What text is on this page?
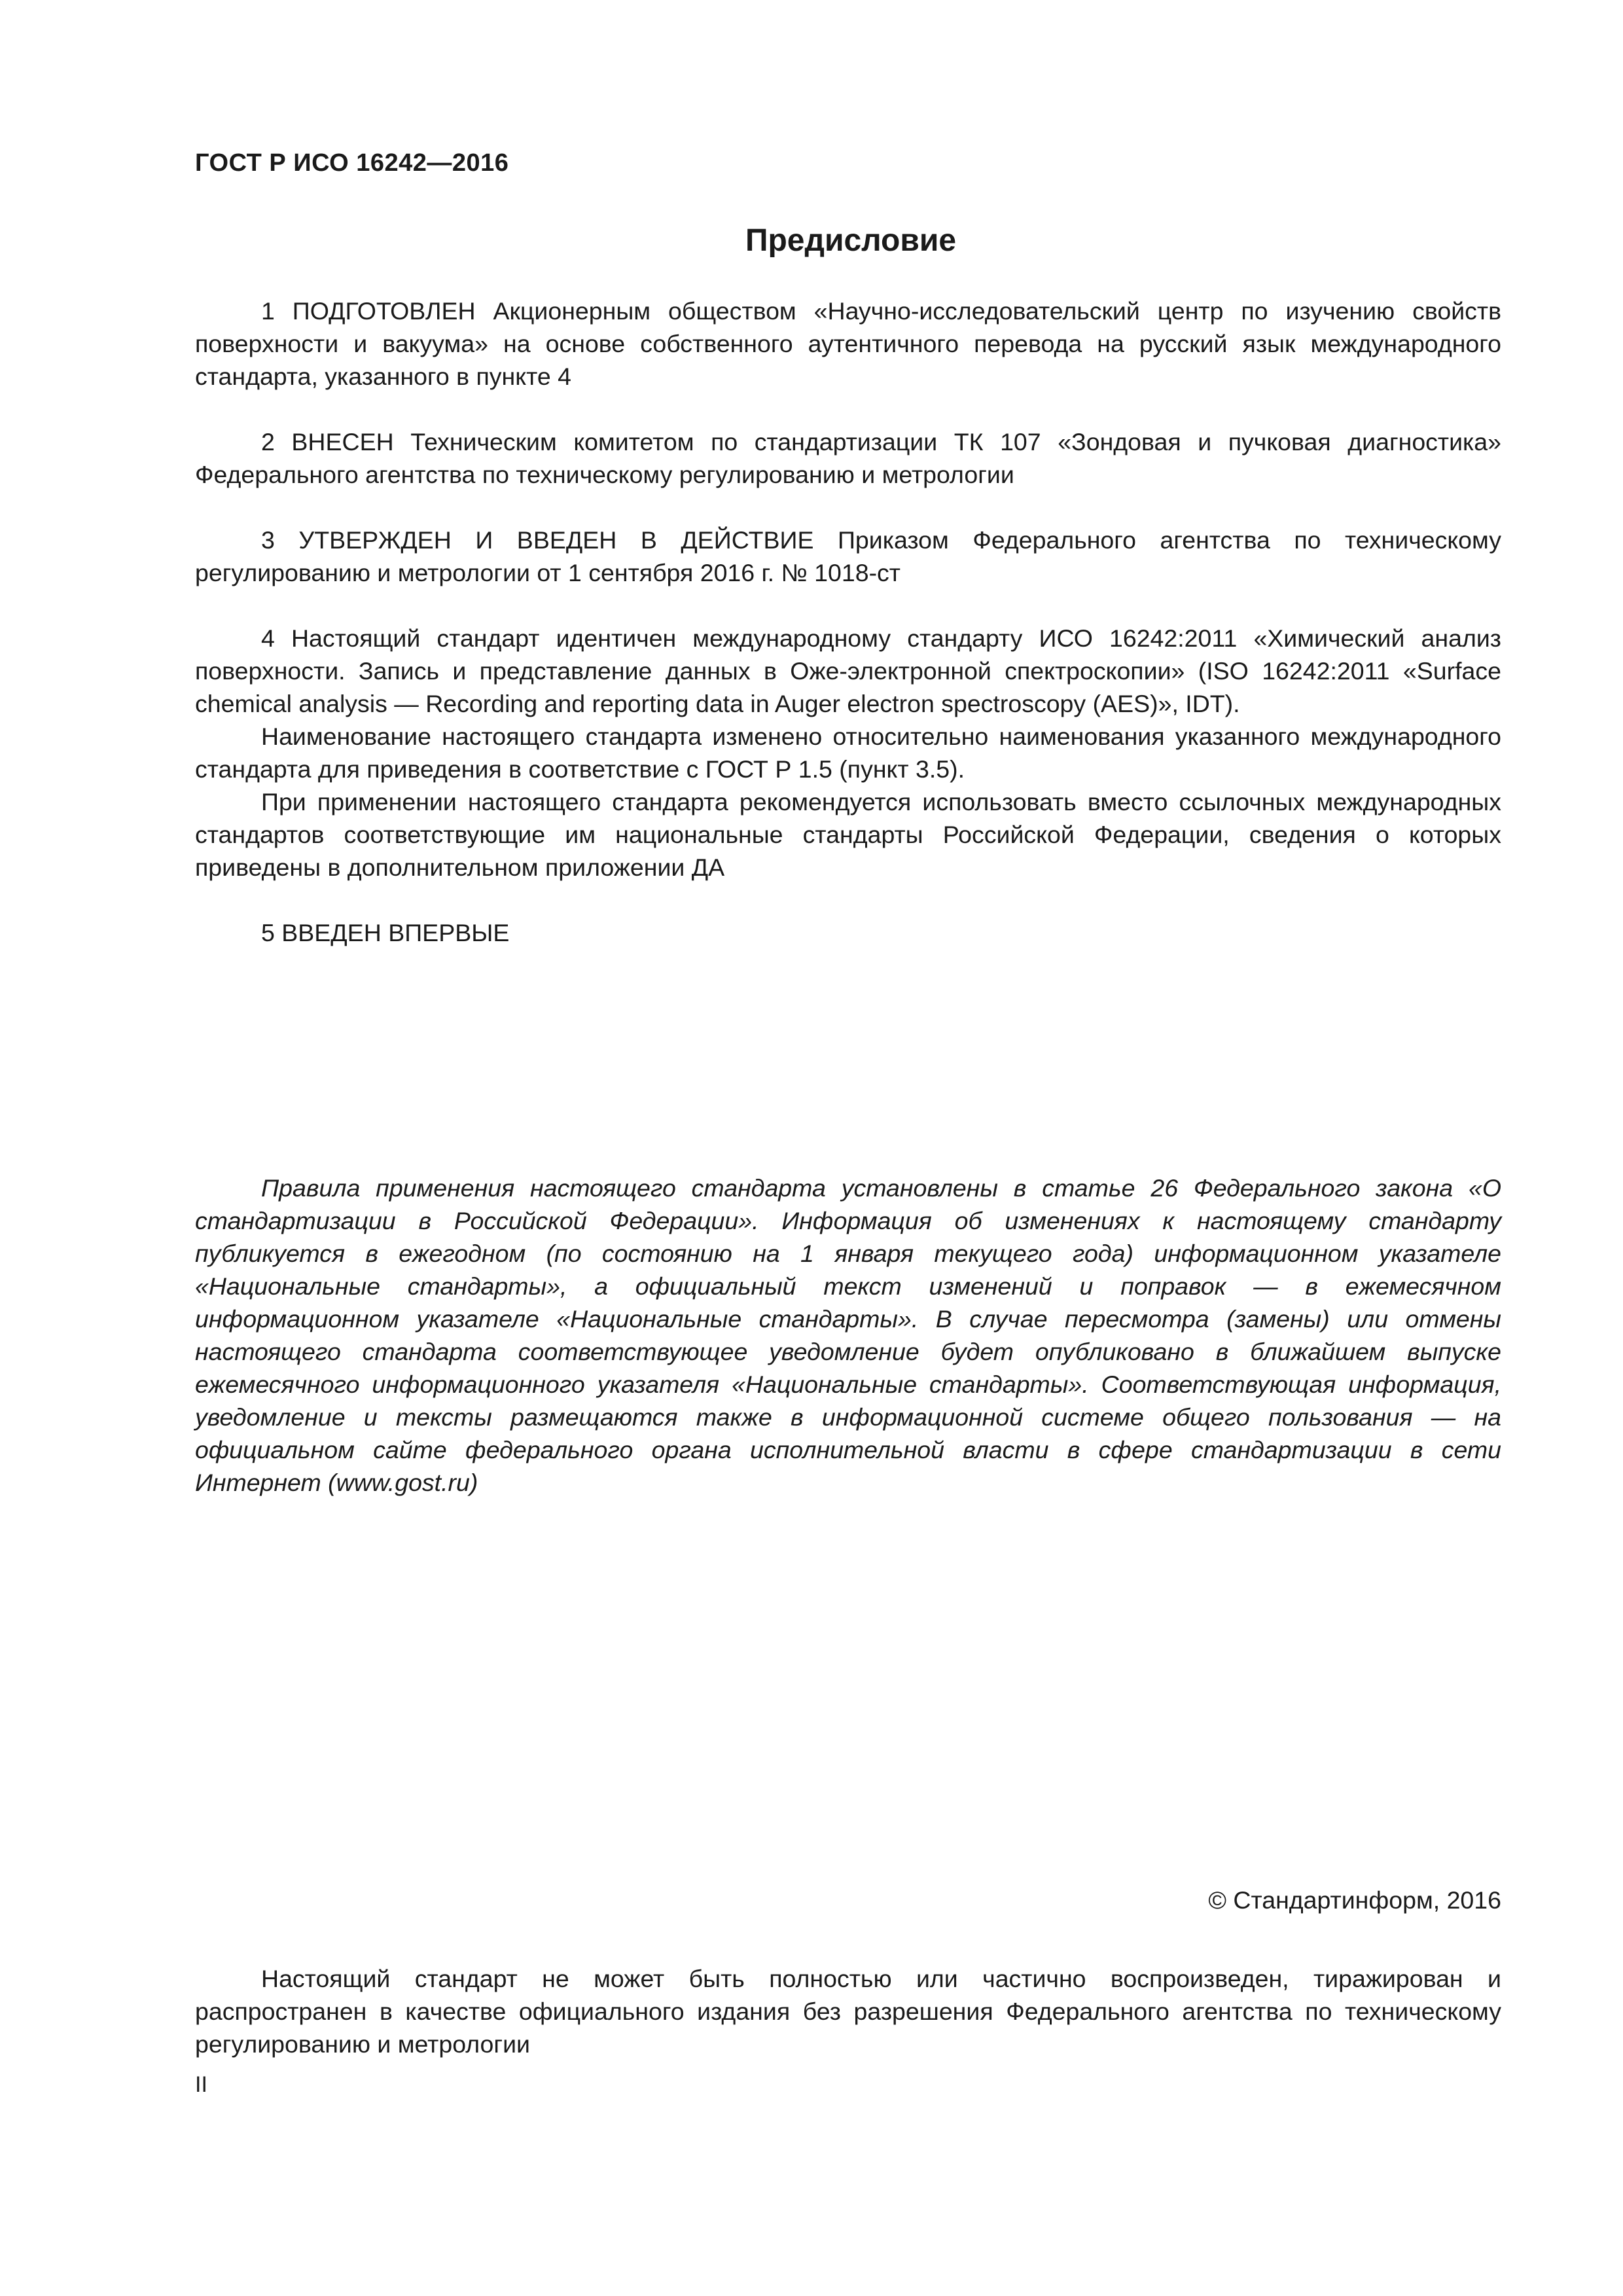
ГОСТ Р ИСО 16242—2016
Предисловие

1 ПОДГОТОВЛЕН Акционерным обществом «Научно-исследовательский центр по изучению свойств поверхности и вакуума» на основе собственного аутентичного перевода на русский язык международного стандарта, указанного в пункте 4

2 ВНЕСЕН Техническим комитетом по стандартизации ТК 107 «Зондовая и пучковая диагностика» Федерального агентства по техническому регулированию и метрологии

3 УТВЕРЖДЕН И ВВЕДЕН В ДЕЙСТВИЕ Приказом Федерального агентства по техническому регулированию и метрологии от 1 сентября 2016 г. № 1018-ст

4 Настоящий стандарт идентичен международному стандарту ИСО 16242:2011 «Химический анализ поверхности. Запись и представление данных в Оже-электронной спектроскопии» (ISO 16242:2011 «Surface chemical analysis — Recording and reporting data in Auger electron spectroscopy (AES)», IDT).

Наименование настоящего стандарта изменено относительно наименования указанного международного стандарта для приведения в соответствие с ГОСТ Р 1.5 (пункт 3.5).

При применении настоящего стандарта рекомендуется использовать вместо ссылочных международных стандартов соответствующие им национальные стандарты Российской Федерации, сведения о которых приведены в дополнительном приложении ДА

5 ВВЕДЕН ВПЕРВЫЕ

Правила применения настоящего стандарта установлены в статье 26 Федерального закона «О стандартизации в Российской Федерации». Информация об изменениях к настоящему стандарту публикуется в ежегодном (по состоянию на 1 января текущего года) информационном указателе «Национальные стандарты», а официальный текст изменений и поправок — в ежемесячном информационном указателе «Национальные стандарты». В случае пересмотра (замены) или отмены настоящего стандарта соответствующее уведомление будет опубликовано в ближайшем выпуске ежемесячного информационного указателя «Национальные стандарты». Соответствующая информация, уведомление и тексты размещаются также в информационной системе общего пользования — на официальном сайте федерального органа исполнительной власти в сфере стандартизации в сети Интернет (www.gost.ru)
© Стандартинформ, 2016
Настоящий стандарт не может быть полностью или частично воспроизведен, тиражирован и распространен в качестве официального издания без разрешения Федерального агентства по техническому регулированию и метрологии
II
